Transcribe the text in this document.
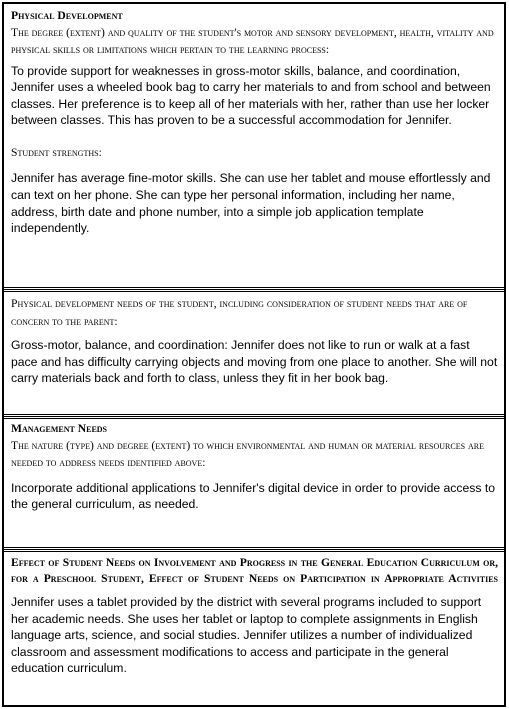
Physical Development
The degree (extent) and quality of the student's motor and sensory development, health, vitality and physical skills or limitations which pertain to the learning process:
To provide support for weaknesses in gross-motor skills, balance, and coordination, Jennifer uses a wheeled book bag to carry her materials to and from school and between classes. Her preference is to keep all of her materials with her, rather than use her locker between classes. This has proven to be a successful accommodation for Jennifer.
Student strengths:
Jennifer has average fine-motor skills. She can use her tablet and mouse effortlessly and can text on her phone. She can type her personal information, including her name, address, birth date and phone number, into a simple job application template independently.
Physical development needs of the student, including consideration of student needs that are of concern to the parent:
Gross-motor, balance, and coordination: Jennifer does not like to run or walk at a fast pace and has difficulty carrying objects and moving from one place to another. She will not carry materials back and forth to class, unless they fit in her book bag.
Management Needs
The nature (type) and degree (extent) to which environmental and human or material resources are needed to address needs identified above:
Incorporate additional applications to Jennifer's digital device in order to provide access to the general curriculum, as needed.
Effect of Student Needs on Involvement and Progress in the General Education Curriculum or, for a Preschool Student, Effect of Student Needs on Participation in Appropriate Activities
Jennifer uses a tablet provided by the district with several programs included to support her academic needs. She uses her tablet or laptop to complete assignments in English language arts, science, and social studies. Jennifer utilizes a number of individualized classroom and assessment modifications to access and participate in the general education curriculum.
